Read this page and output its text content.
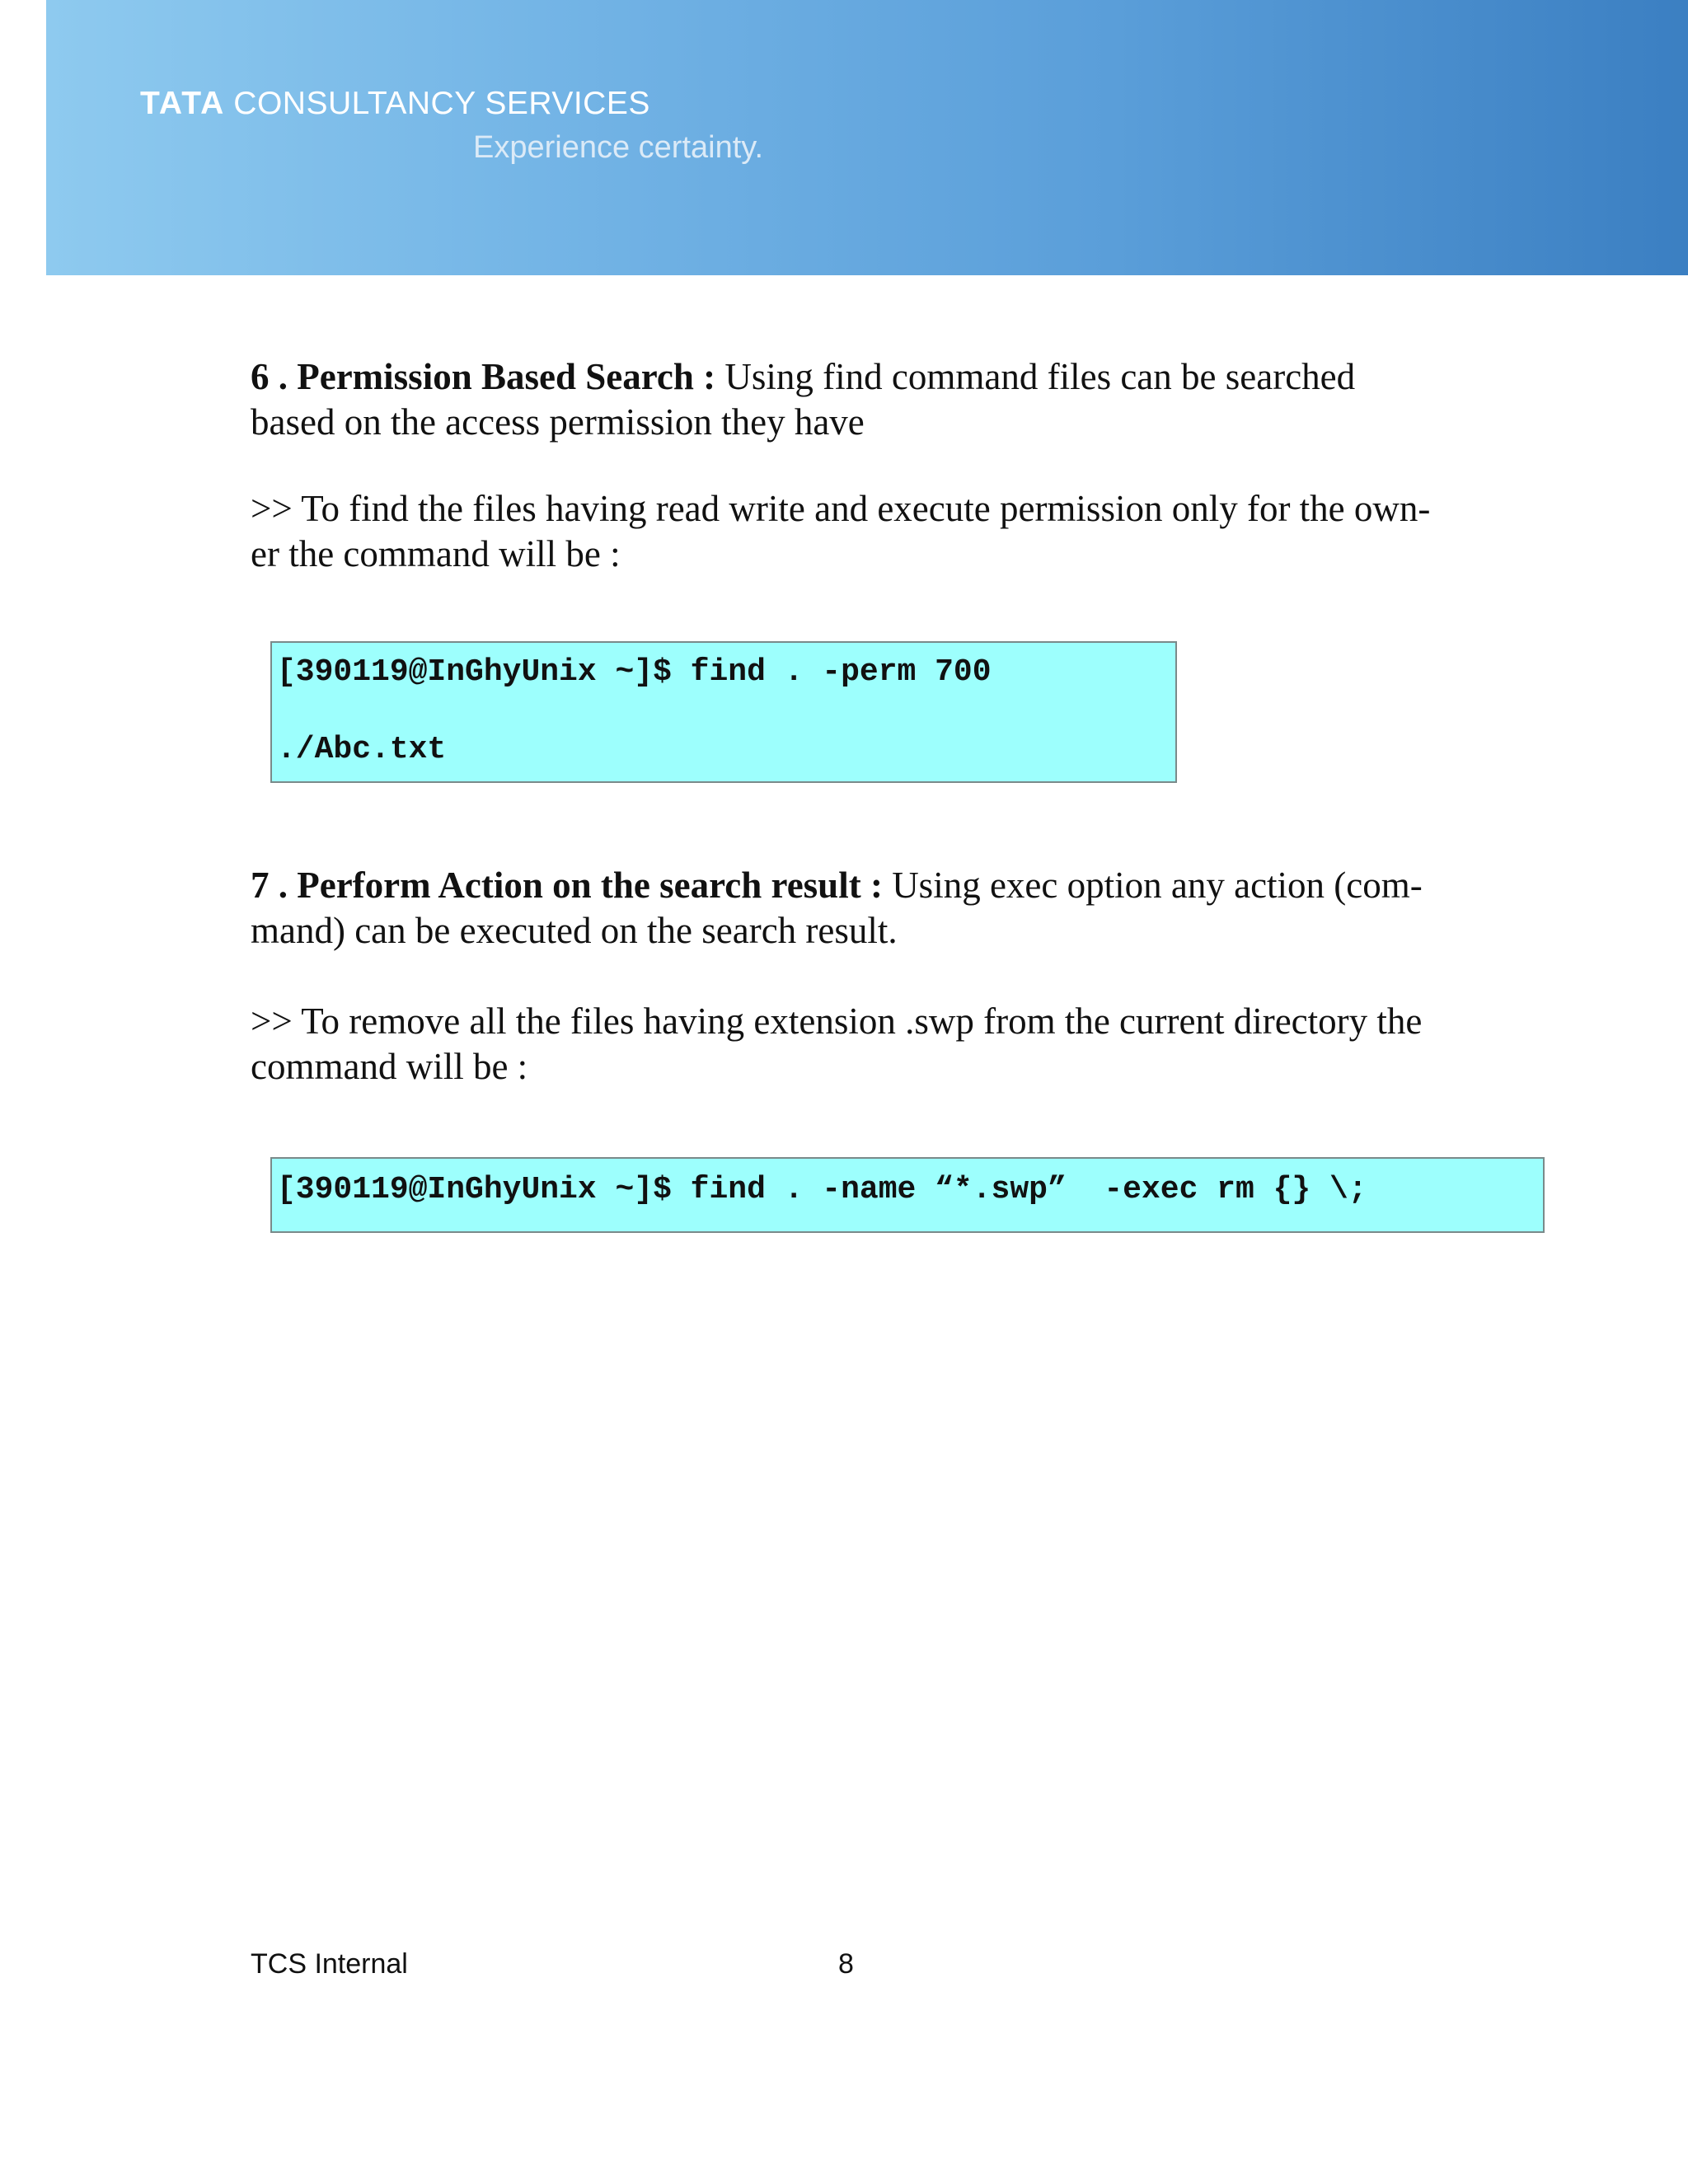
TATA CONSULTANCY SERVICES
Experience certainty.

6 . Permission Based Search : Using find command files can be searched
based on the access permission they have

>> To find the files having read write and execute permission only for the own-
er the command will be :

[390119@InGhyUnix ~]$ find . -perm 700

./Abc.txt

7 . Perform Action on the search result : Using exec option any action (com-
mand) can be executed on the search result.

>> To remove all the files having extension .swp from the current directory the
command will be :

[390119@InGhyUnix ~]$ find . -name “*.swp”  -exec rm {} \;

TCS Internal	8
